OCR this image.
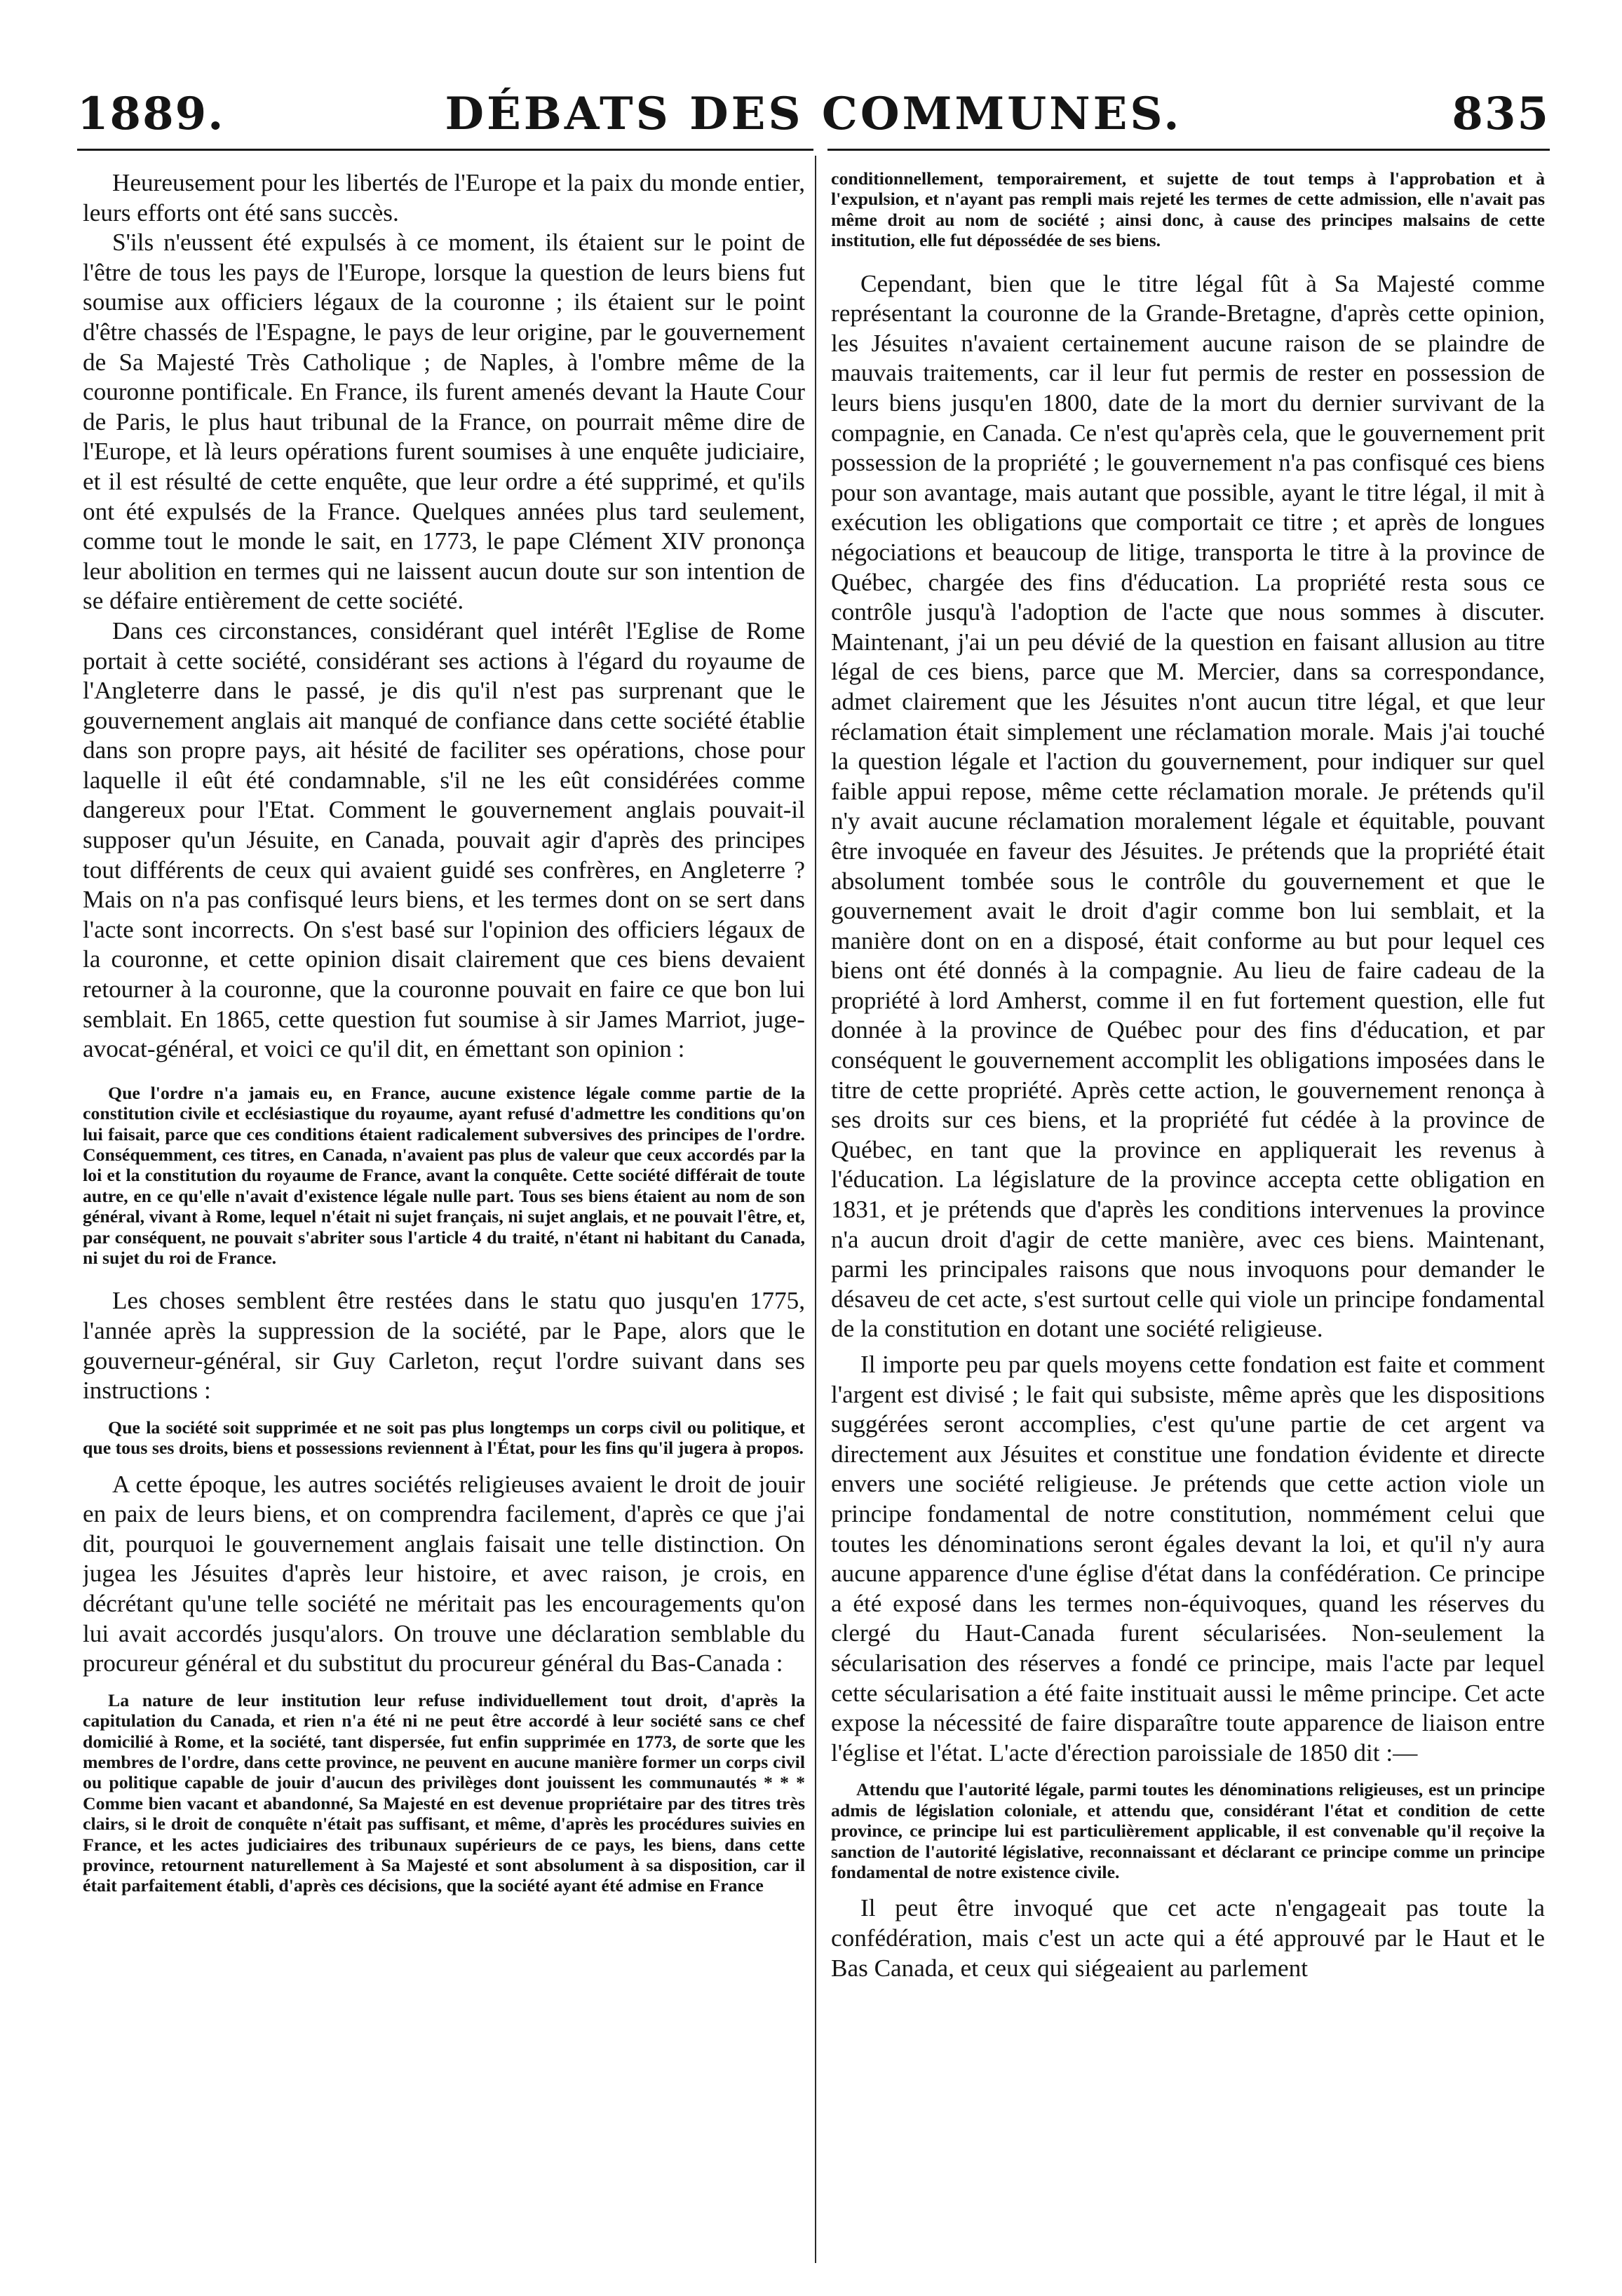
1889.	DÉBATS DES COMMUNES.	835

Heureusement pour les libertés de l'Europe et la paix du monde entier, leurs efforts ont été sans succès.

S'ils n'eussent été expulsés à ce moment, ils étaient sur le point de l'être de tous les pays de l'Europe, lorsque la question de leurs biens fut soumise aux officiers légaux de la couronne ; ils étaient sur le point d'être chassés de l'Espagne, le pays de leur origine, par le gouvernement de Sa Majesté Très Catholique ; de Naples, à l'ombre même de la couronne pontificale. En France, ils furent amenés devant la Haute Cour de Paris, le plus haut tribunal de la France, on pourrait même dire de l'Europe, et là leurs opérations furent soumises à une enquête judiciaire, et il est résulté de cette enquête, que leur ordre a été supprimé, et qu'ils ont été expulsés de la France. Quelques années plus tard seulement, comme tout le monde le sait, en 1773, le pape Clément XIV prononça leur abolition en termes qui ne laissent aucun doute sur son intention de se défaire entièrement de cette société.

Dans ces circonstances, considérant quel intérêt l'Eglise de Rome portait à cette société, considérant ses actions à l'égard du royaume de l'Angleterre dans le passé, je dis qu'il n'est pas surprenant que le gouvernement anglais ait manqué de confiance dans cette société établie dans son propre pays, ait hésité de faciliter ses opérations, chose pour laquelle il eût été condamnable, s'il ne les eût considérées comme dangereux pour l'Etat. Comment le gouvernement anglais pouvait-il supposer qu'un Jésuite, en Canada, pouvait agir d'après des principes tout différents de ceux qui avaient guidé ses confrères, en Angleterre ? Mais on n'a pas confisqué leurs biens, et les termes dont on se sert dans l'acte sont incorrects. On s'est basé sur l'opinion des officiers légaux de la couronne, et cette opinion disait clairement que ces biens devaient retourner à la couronne, que la couronne pouvait en faire ce que bon lui semblait. En 1865, cette question fut soumise à sir James Marriot, juge-avocat-général, et voici ce qu'il dit, en émettant son opinion :

Que l'ordre n'a jamais eu, en France, aucune existence légale comme partie de la constitution civile et ecclésiastique du royaume, ayant refusé d'admettre les conditions qu'on lui faisait, parce que ces conditions étaient radicalement subversives des principes de l'ordre. Conséquemment, ces titres, en Canada, n'avaient pas plus de valeur que ceux accordés par la loi et la constitution du royaume de France, avant la conquête. Cette société différait de toute autre, en ce qu'elle n'avait d'existence légale nulle part. Tous ses biens étaient au nom de son général, vivant à Rome, lequel n'était ni sujet français, ni sujet anglais, et ne pouvait l'être, et, par conséquent, ne pouvait s'abriter sous l'article 4 du traité, n'étant ni habitant du Canada, ni sujet du roi de France.

Les choses semblent être restées dans le statu quo jusqu'en 1775, l'année après la suppression de la société, par le Pape, alors que le gouverneur-général, sir Guy Carleton, reçut l'ordre suivant dans ses instructions :

Que la société soit supprimée et ne soit pas plus longtemps un corps civil ou politique, et que tous ses droits, biens et possessions reviennent à l'État, pour les fins qu'il jugera à propos.

A cette époque, les autres sociétés religieuses avaient le droit de jouir en paix de leurs biens, et on comprendra facilement, d'après ce que j'ai dit, pourquoi le gouvernement anglais faisait une telle distinction. On jugea les Jésuites d'après leur histoire, et avec raison, je crois, en décrétant qu'une telle société ne méritait pas les encouragements qu'on lui avait accordés jusqu'alors. On trouve une déclaration semblable du procureur général et du substitut du procureur général du Bas-Canada :

La nature de leur institution leur refuse individuellement tout droit, d'après la capitulation du Canada, et rien n'a été ni ne peut être accordé à leur société sans ce chef domicilié à Rome, et la société, tant dispersée, fut enfin supprimée en 1773, de sorte que les membres de l'ordre, dans cette province, ne peuvent en aucune manière former un corps civil ou politique capable de jouir d'aucun des privilèges dont jouissent les communautés * * * Comme bien vacant et abandonné, Sa Majesté en est devenue propriétaire par des titres très clairs, si le droit de conquête n'était pas suffisant, et même, d'après les procédures suivies en France, et les actes judiciaires des tribunaux supérieurs de ce pays, les biens, dans cette province, retournent naturellement à Sa Majesté et sont absolument à sa disposition, car il était parfaitement établi, d'après ces décisions, que la société ayant été admise en France

conditionnellement, temporairement, et sujette de tout temps à l'approbation et à l'expulsion, et n'ayant pas rempli mais rejeté les termes de cette admission, elle n'avait pas même droit au nom de société ; ainsi donc, à cause des principes malsains de cette institution, elle fut dépossédée de ses biens.

Cependant, bien que le titre légal fût à Sa Majesté comme représentant la couronne de la Grande-Bretagne, d'après cette opinion, les Jésuites n'avaient certainement aucune raison de se plaindre de mauvais traitements, car il leur fut permis de rester en possession de leurs biens jusqu'en 1800, date de la mort du dernier survivant de la compagnie, en Canada. Ce n'est qu'après cela, que le gouvernement prit possession de la propriété ; le gouvernement n'a pas confisqué ces biens pour son avantage, mais autant que possible, ayant le titre légal, il mit à exécution les obligations que comportait ce titre ; et après de longues négociations et beaucoup de litige, transporta le titre à la province de Québec, chargée des fins d'éducation. La propriété resta sous ce contrôle jusqu'à l'adoption de l'acte que nous sommes à discuter. Maintenant, j'ai un peu dévié de la question en faisant allusion au titre légal de ces biens, parce que M. Mercier, dans sa correspondance, admet clairement que les Jésuites n'ont aucun titre légal, et que leur réclamation était simplement une réclamation morale. Mais j'ai touché la question légale et l'action du gouvernement, pour indiquer sur quel faible appui repose, même cette réclamation morale. Je prétends qu'il n'y avait aucune réclamation moralement légale et équitable, pouvant être invoquée en faveur des Jésuites. Je prétends que la propriété était absolument tombée sous le contrôle du gouvernement et que le gouvernement avait le droit d'agir comme bon lui semblait, et la manière dont on en a disposé, était conforme au but pour lequel ces biens ont été donnés à la compagnie. Au lieu de faire cadeau de la propriété à lord Amherst, comme il en fut fortement question, elle fut donnée à la province de Québec pour des fins d'éducation, et par conséquent le gouvernement accomplit les obligations imposées dans le titre de cette propriété. Après cette action, le gouvernement renonça à ses droits sur ces biens, et la propriété fut cédée à la province de Québec, en tant que la province en appliquerait les revenus à l'éducation. La législature de la province accepta cette obligation en 1831, et je prétends que d'après les conditions intervenues la province n'a aucun droit d'agir de cette manière, avec ces biens. Maintenant, parmi les principales raisons que nous invoquons pour demander le désaveu de cet acte, s'est surtout celle qui viole un principe fondamental de la constitution en dotant une société religieuse.

Il importe peu par quels moyens cette fondation est faite et comment l'argent est divisé ; le fait qui subsiste, même après que les dispositions suggérées seront accomplies, c'est qu'une partie de cet argent va directement aux Jésuites et constitue une fondation évidente et directe envers une société religieuse. Je prétends que cette action viole un principe fondamental de notre constitution, nommément celui que toutes les dénominations seront égales devant la loi, et qu'il n'y aura aucune apparence d'une église d'état dans la confédération. Ce principe a été exposé dans les termes non-équivoques, quand les réserves du clergé du Haut-Canada furent sécularisées. Non-seulement la sécularisation des réserves a fondé ce principe, mais l'acte par lequel cette sécularisation a été faite instituait aussi le même principe. Cet acte expose la nécessité de faire disparaître toute apparence de liaison entre l'église et l'état. L'acte d'érection paroissiale de 1850 dit :—

Attendu que l'autorité légale, parmi toutes les dénominations religieuses, est un principe admis de législation coloniale, et attendu que, considérant l'état et condition de cette province, ce principe lui est particulièrement applicable, il est convenable qu'il reçoive la sanction de l'autorité législative, reconnaissant et déclarant ce principe comme un principe fondamental de notre existence civile.

Il peut être invoqué que cet acte n'engageait pas toute la confédération, mais c'est un acte qui a été approuvé par le Haut et le Bas Canada, et ceux qui siégeaient au parlement
